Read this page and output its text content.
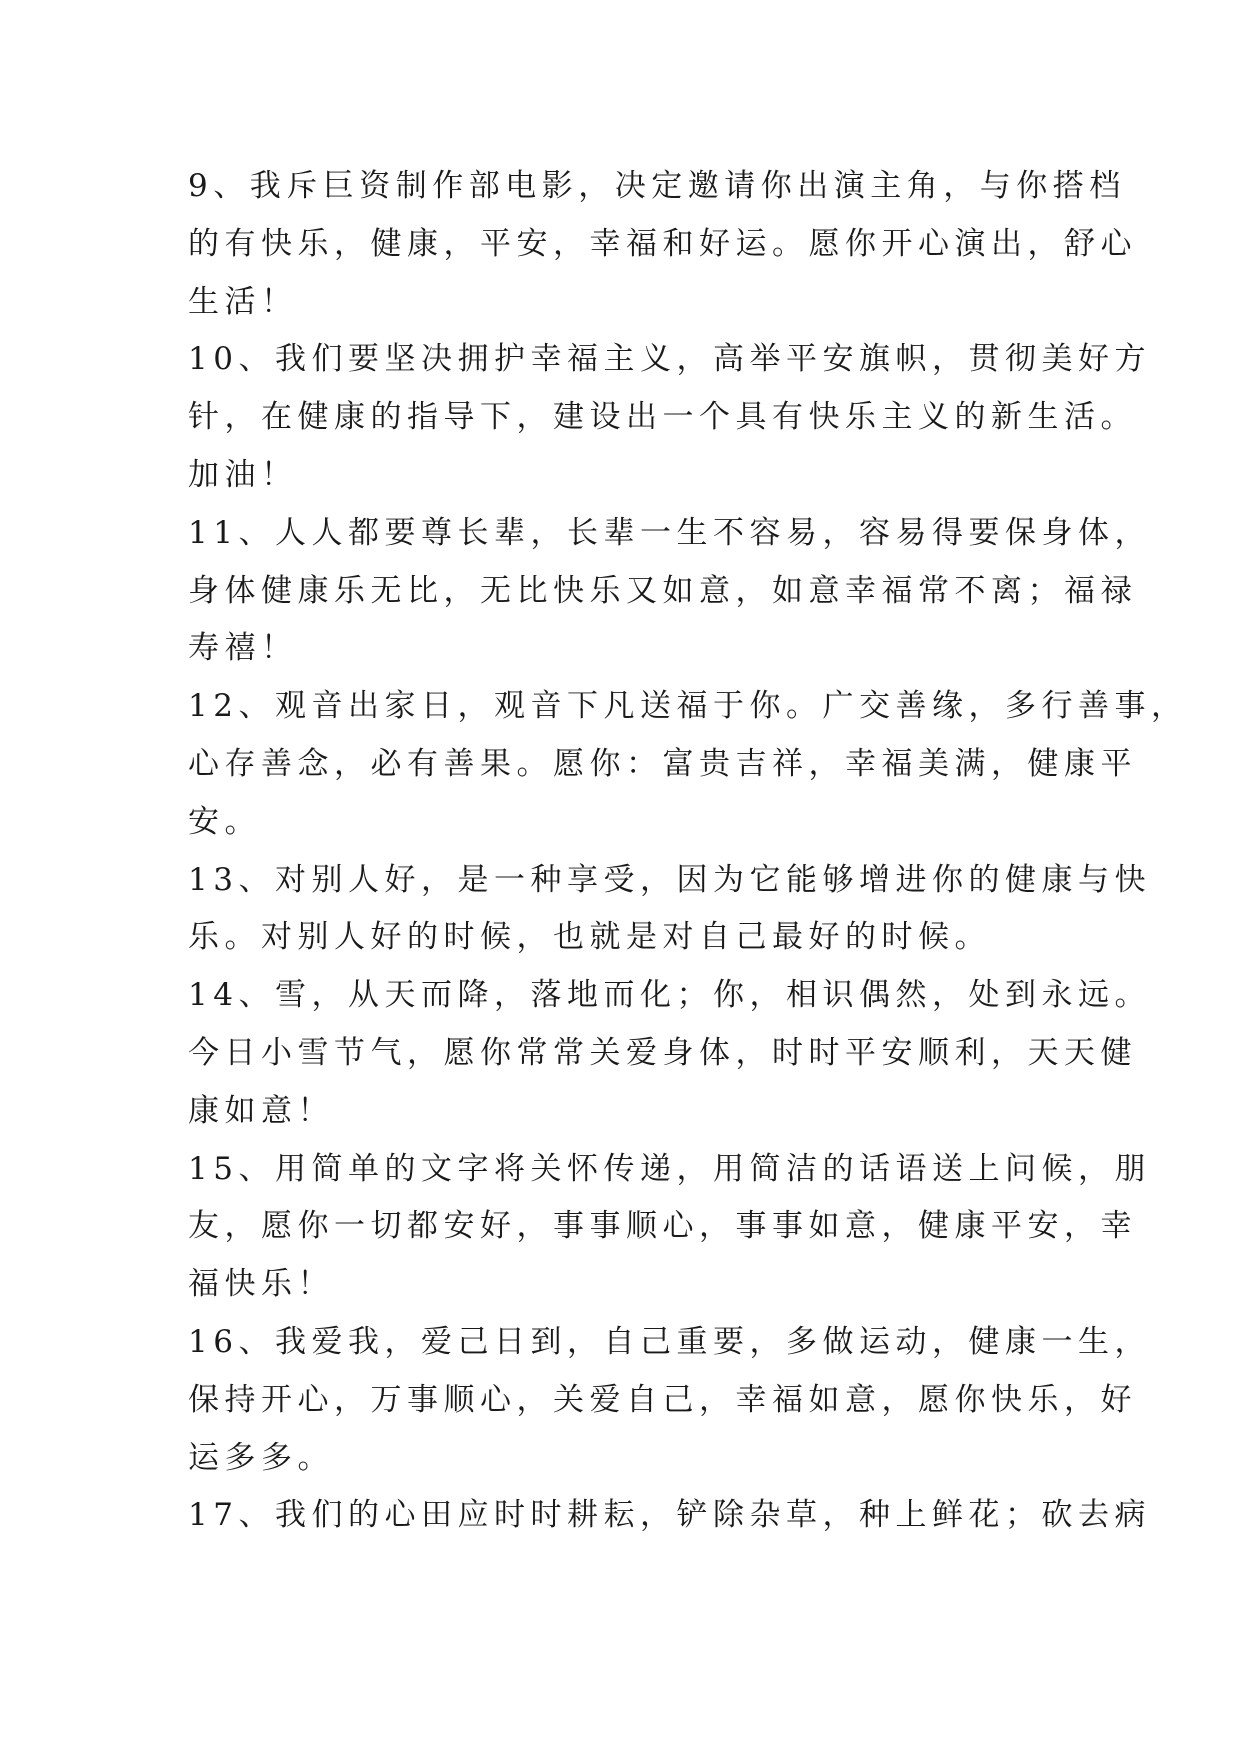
9、我斥巨资制作部电影，决定邀请你出演主角，与你搭档
的有快乐，健康，平安，幸福和好运。愿你开心演出，舒心
生活！
10、我们要坚决拥护幸福主义，高举平安旗帜，贯彻美好方
针，在健康的指导下，建设出一个具有快乐主义的新生活。
加油！
11、人人都要尊长辈，长辈一生不容易，容易得要保身体，
身体健康乐无比，无比快乐又如意，如意幸福常不离；福禄
寿禧！
12、观音出家日，观音下凡送福于你。广交善缘，多行善事，
心存善念，必有善果。愿你：富贵吉祥，幸福美满，健康平
安。
13、对别人好，是一种享受，因为它能够增进你的健康与快
乐。对别人好的时候，也就是对自己最好的时候。
14、雪，从天而降，落地而化；你，相识偶然，处到永远。
今日小雪节气，愿你常常关爱身体，时时平安顺利，天天健
康如意！
15、用简单的文字将关怀传递，用简洁的话语送上问候，朋
友，愿你一切都安好，事事顺心，事事如意，健康平安，幸
福快乐！
16、我爱我，爱己日到，自己重要，多做运动，健康一生，
保持开心，万事顺心，关爱自己，幸福如意，愿你快乐，好
运多多。
17、我们的心田应时时耕耘，铲除杂草，种上鲜花；砍去病
